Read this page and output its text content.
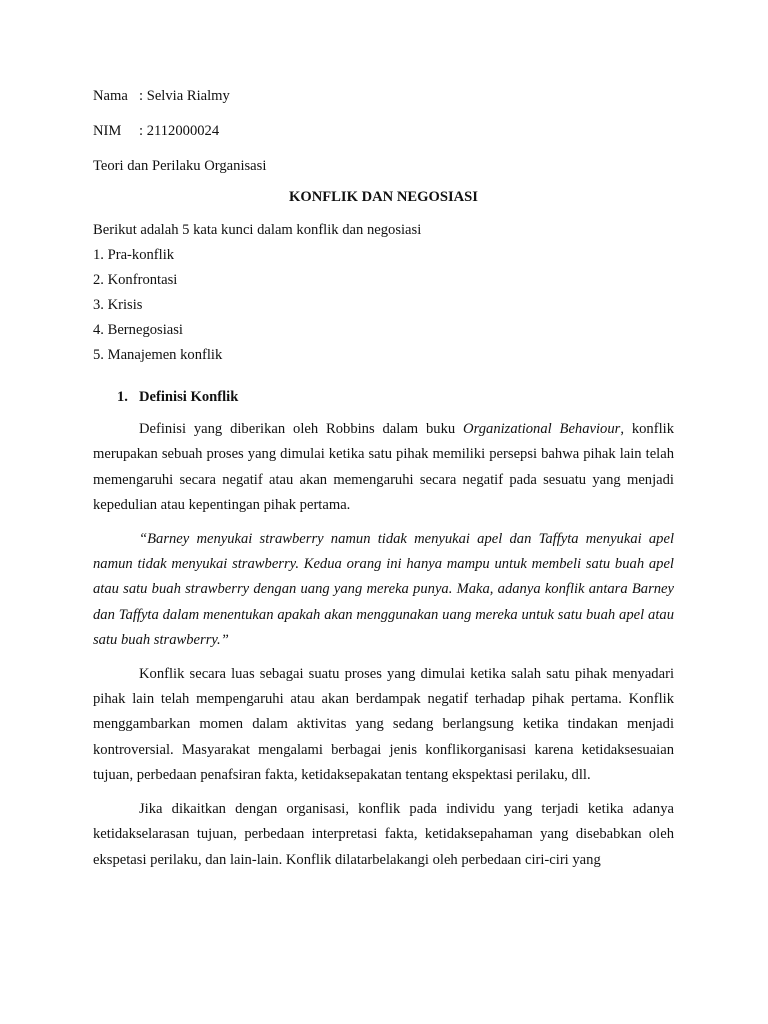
Nama : Selvia Rialmy
NIM : 2112000024
Teori dan Perilaku Organisasi
KONFLIK DAN NEGOSIASI
Berikut adalah 5 kata kunci dalam konflik dan negosiasi
1. Pra-konflik
2. Konfrontasi
3. Krisis
4. Bernegosiasi
5. Manajemen konflik
1. Definisi Konflik

Definisi yang diberikan oleh Robbins dalam buku Organizational Behaviour, konflik merupakan sebuah proses yang dimulai ketika satu pihak memiliki persepsi bahwa pihak lain telah memengaruhi secara negatif atau akan memengaruhi secara negatif pada sesuatu yang menjadi kepedulian atau kepentingan pihak pertama.

“Barney menyukai strawberry namun tidak menyukai apel dan Taffyta menyukai apel namun tidak menyukai strawberry. Kedua orang ini hanya mampu untuk membeli satu buah apel atau satu buah strawberry dengan uang yang mereka punya. Maka, adanya konflik antara Barney dan Taffyta dalam menentukan apakah akan menggunakan uang mereka untuk satu buah apel atau satu buah strawberry.”

Konflik secara luas sebagai suatu proses yang dimulai ketika salah satu pihak menyadari pihak lain telah mempengaruhi atau akan berdampak negatif terhadap pihak pertama. Konflik menggambarkan momen dalam aktivitas yang sedang berlangsung ketika tindakan menjadi kontroversial. Masyarakat mengalami berbagai jenis konflikorganisasi karena ketidaksesuaian tujuan, perbedaan penafsiran fakta, ketidaksepakatan tentang ekspektasi perilaku, dll.

Jika dikaitkan dengan organisasi, konflik pada individu yang terjadi ketika adanya ketidakselarasan tujuan, perbedaan interpretasi fakta, ketidaksepahaman yang disebabkan oleh ekspetasi perilaku, dan lain-lain. Konflik dilatarbelakangi oleh perbedaan ciri-ciri yang
